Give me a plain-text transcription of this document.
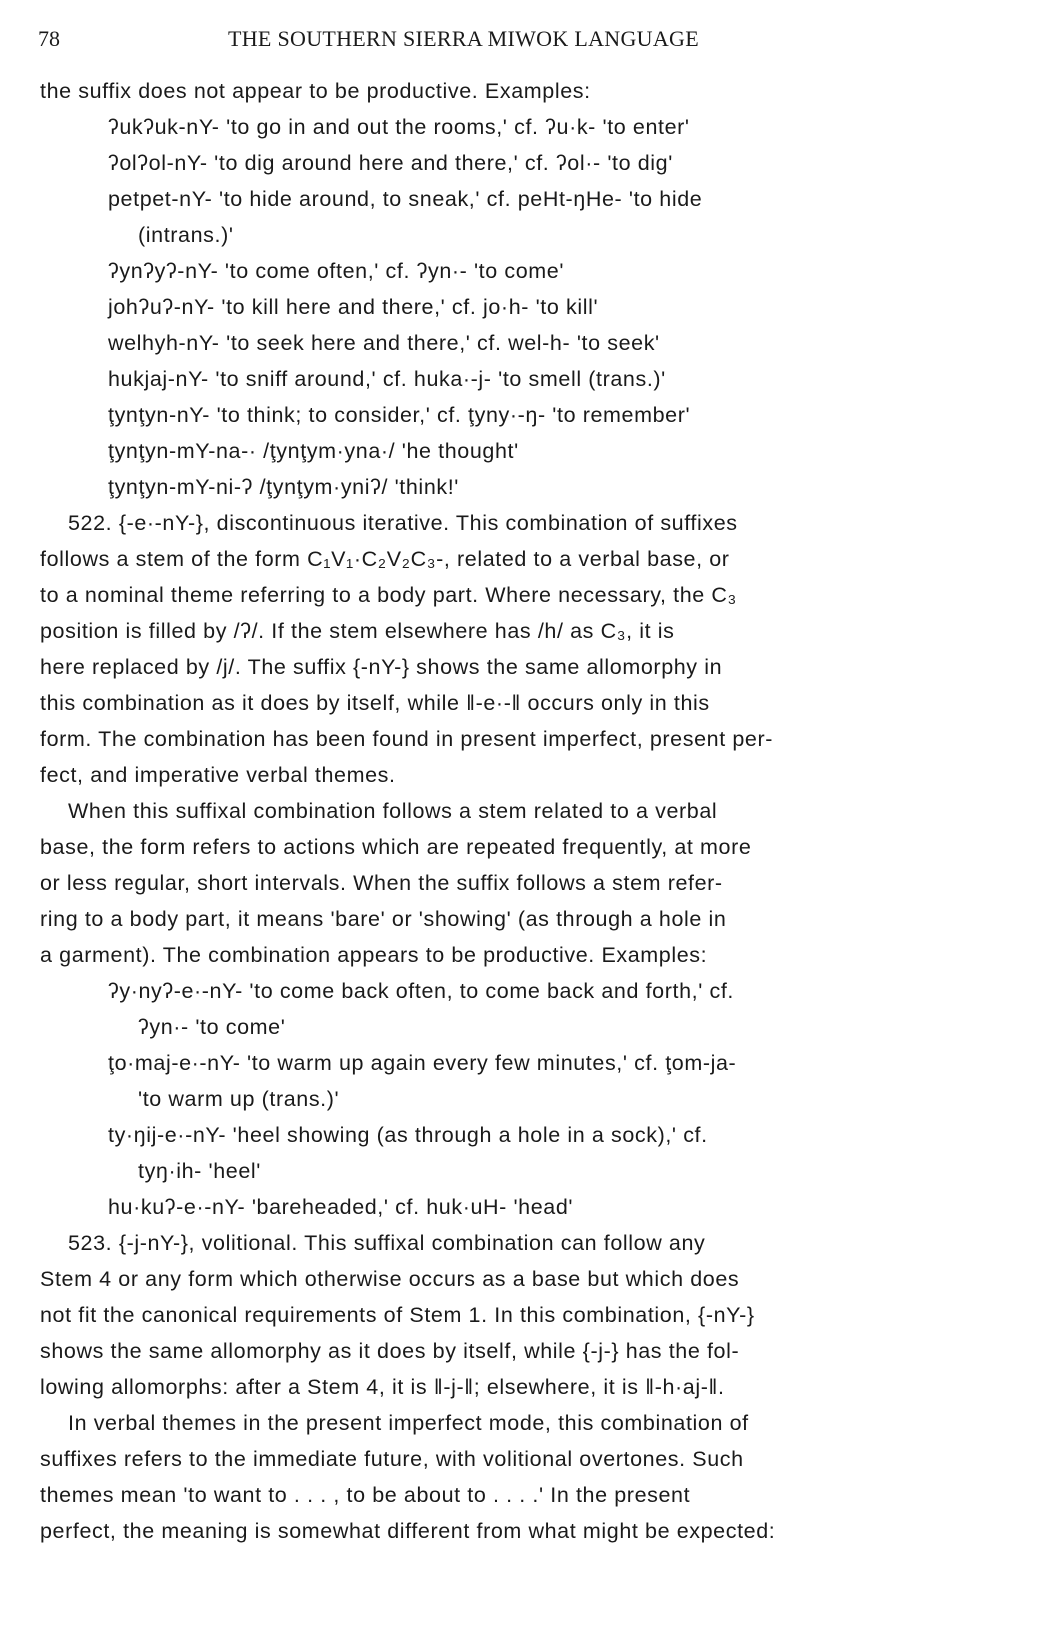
78	THE SOUTHERN SIERRA MIWOK LANGUAGE
the suffix does not appear to be productive. Examples:
ʔukʔuk-nY- 'to go in and out the rooms,' cf. ʔu·k- 'to enter'
ʔolʔol-nY- 'to dig around here and there,' cf. ʔol·- 'to dig'
petpet-nY- 'to hide around, to sneak,' cf. peHt-ŋHe- 'to hide
(intrans.)'
ʔynʔyʔ-nY- 'to come often,' cf. ʔyn·- 'to come'
johʔuʔ-nY- 'to kill here and there,' cf. jo·h- 'to kill'
welhyh-nY- 'to seek here and there,' cf. wel-h- 'to seek'
hukjaj-nY- 'to sniff around,' cf. huka·-j- 'to smell (trans.)'
ţynţyn-nY- 'to think; to consider,' cf. ţyny·-ŋ- 'to remember'
ţynţyn-mY-na-· /ţynţym·yna·/ 'he thought'
ţynţyn-mY-ni-ʔ /ţynţym·yniʔ/ 'think!'
522. {-e·-nY-}, discontinuous iterative. This combination of suffixes
follows a stem of the form C₁V₁·C₂V₂C₃-, related to a verbal base, or
to a nominal theme referring to a body part. Where necessary, the C₃
position is filled by /ʔ/. If the stem elsewhere has /h/ as C₃, it is
here replaced by /j/. The suffix {-nY-} shows the same allomorphy in
this combination as it does by itself, while ‖-e·-‖ occurs only in this
form. The combination has been found in present imperfect, present per-
fect, and imperative verbal themes.
When this suffixal combination follows a stem related to a verbal
base, the form refers to actions which are repeated frequently, at more
or less regular, short intervals. When the suffix follows a stem refer-
ring to a body part, it means 'bare' or 'showing' (as through a hole in
a garment). The combination appears to be productive. Examples:
ʔy·nyʔ-e·-nY- 'to come back often, to come back and forth,' cf.
ʔyn·- 'to come'
ţo·maj-e·-nY- 'to warm up again every few minutes,' cf. ţom-ja-
'to warm up (trans.)'
ty·ŋij-e·-nY- 'heel showing (as through a hole in a sock),' cf.
tyŋ·ih- 'heel'
hu·kuʔ-e·-nY- 'bareheaded,' cf. huk·uH- 'head'
523. {-j-nY-}, volitional. This suffixal combination can follow any
Stem 4 or any form which otherwise occurs as a base but which does
not fit the canonical requirements of Stem 1. In this combination, {-nY-}
shows the same allomorphy as it does by itself, while {-j-} has the fol-
lowing allomorphs: after a Stem 4, it is ‖-j-‖; elsewhere, it is ‖-h·aj-‖.
In verbal themes in the present imperfect mode, this combination of
suffixes refers to the immediate future, with volitional overtones. Such
themes mean 'to want to . . . , to be about to . . . .' In the present
perfect, the meaning is somewhat different from what might be expected:
